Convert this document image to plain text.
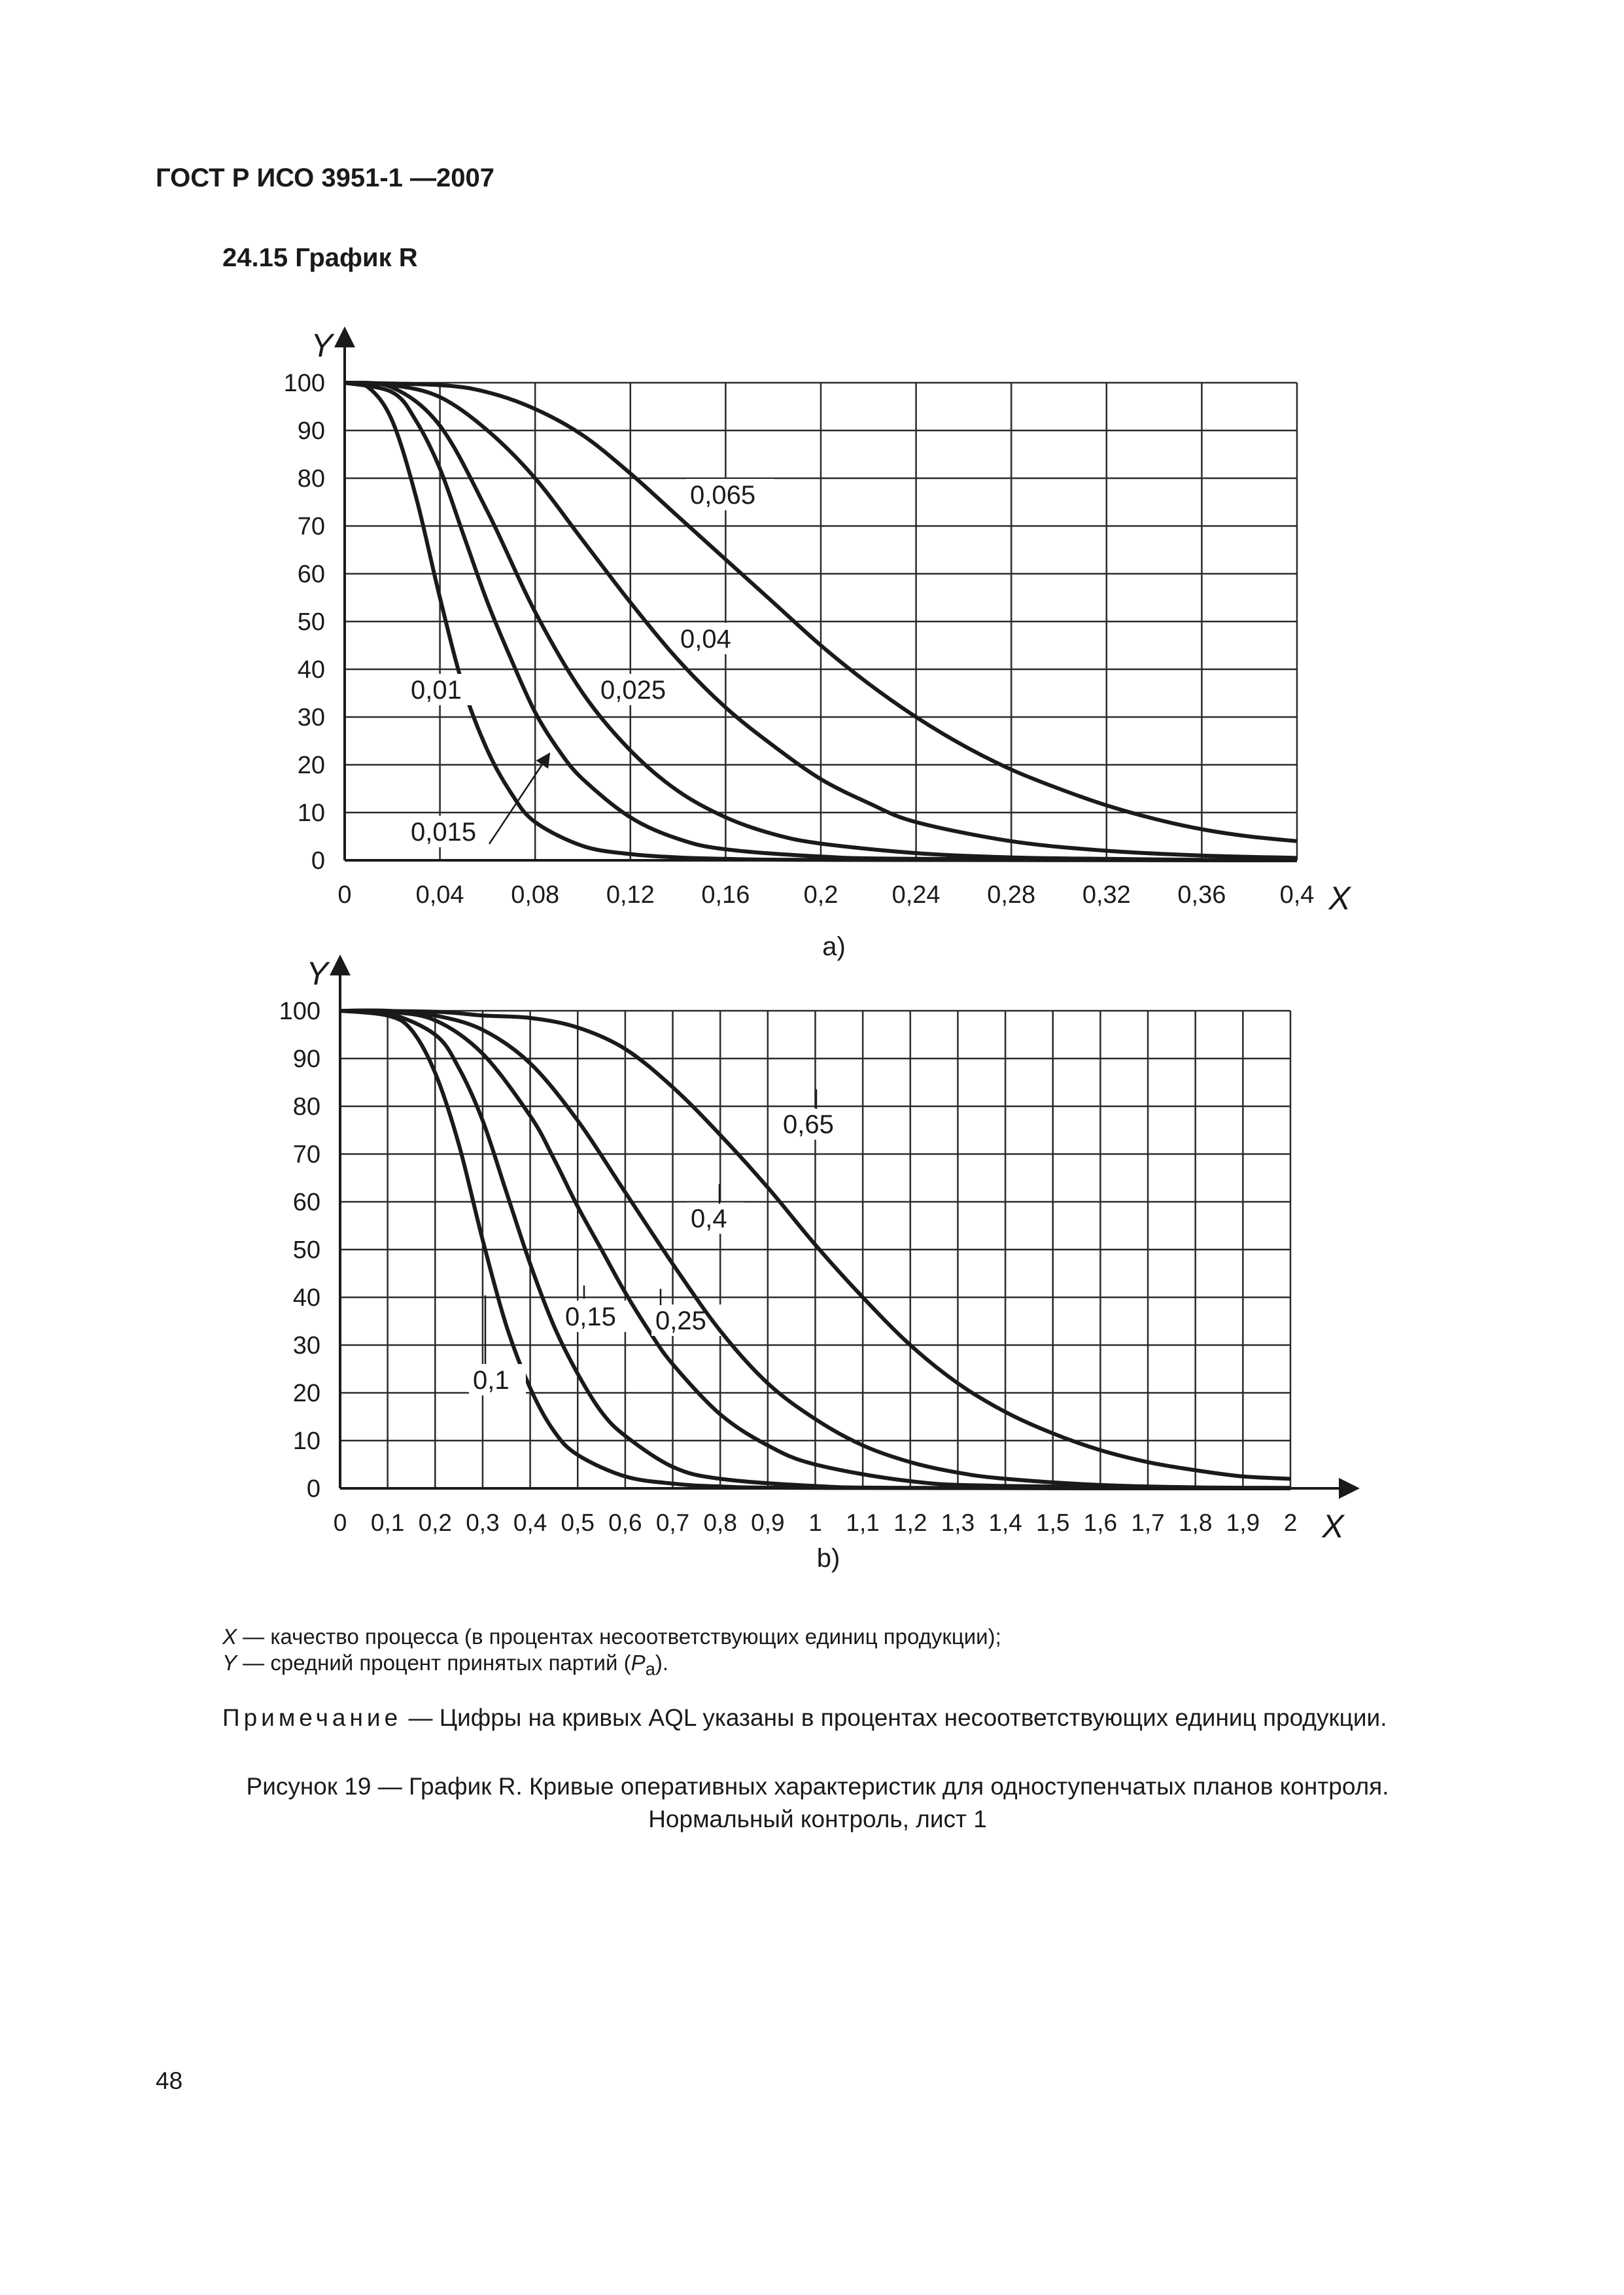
ГОСТ Р ИСО 3951-1 —2007
24.15 График R
Y
X
0	0,04 0,08 0,12 0,16 0,2 0,24 0,28 0,32 0,36 0,4
0
10
20
30
40
50
60
70
80
90
100
0,01
0,015
0,025
0,04
0,065
a)
Y
X
0 0,1 0,2 0,3 0,4 0,5 0,6 0,7 0,8 0,9 1 1,1 1,2 1,3 1,4 1,5 1,6 1,7 1,8 1,9 2
0
10
20
30
40
50
60
70
80
90
100
0,1
0,15 0,25
0,4
0,65
b)
X — качество процесса (в процентах несоответствующих единиц продукции);
Y — средний процент принятых партий $(P_a)$.
Примечание — Цифры на кривых AQL указаны в процентах несоответствующих единиц продукции.
Рисунок 19 — График R. Кривые оперативных характеристик для одноступенчатых планов контроля.
Нормальный контроль, лист 1
48
